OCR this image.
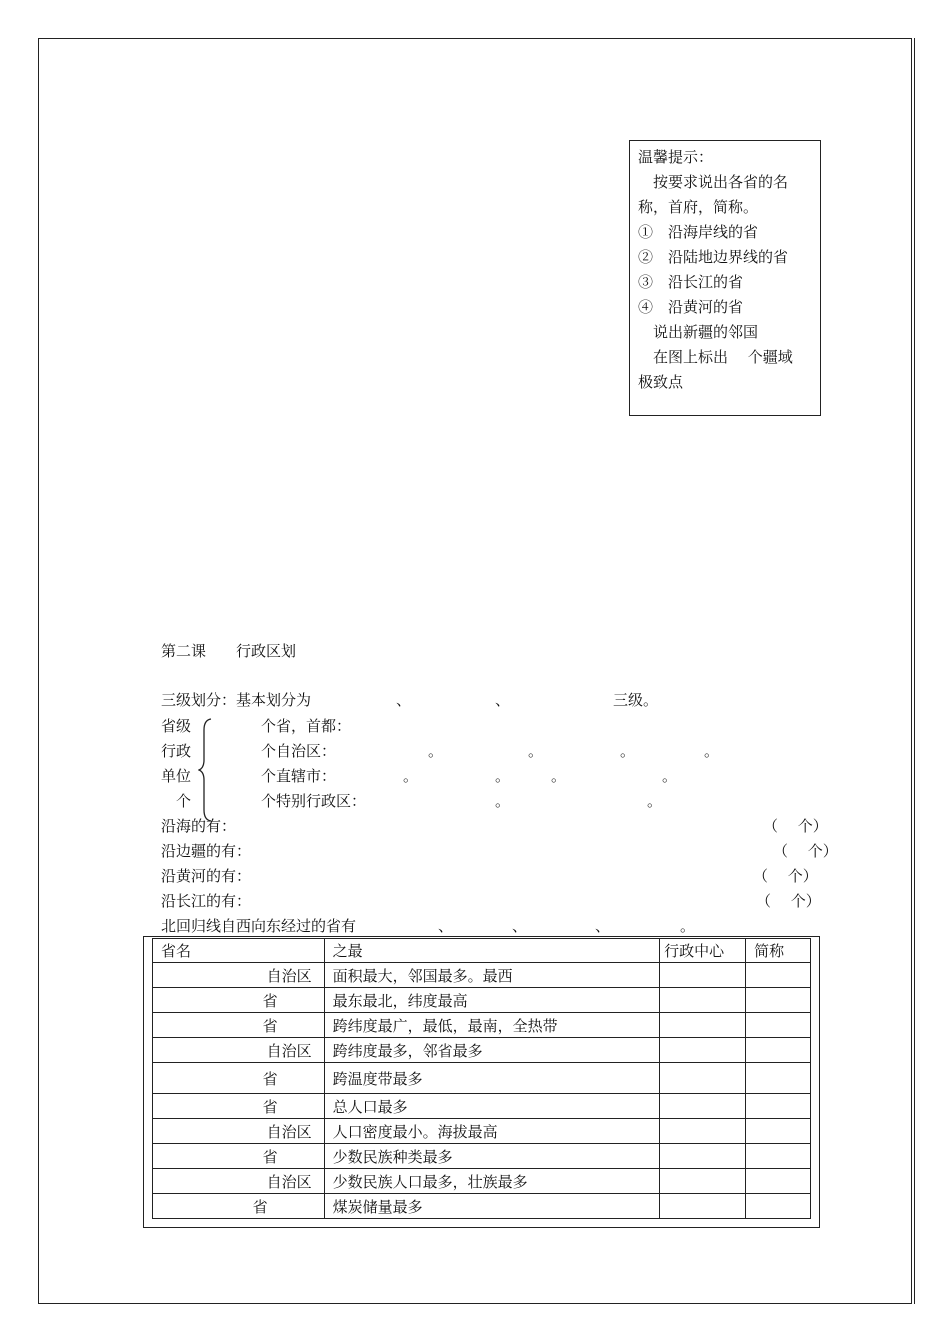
温馨提示：
　按要求说出各省的名
称，首府，简称。
①　沿海岸线的省
②　沿陆地边界线的省
③　沿长江的省
④　沿黄河的省
　说出新疆的邻国
　在图上标出　 个疆域
极致点
第二课　　行政区划
三级划分：基本划分为	、	、	三级。
省级
行政
单位
　个
个省，首都：
个自治区：
个直辖市：
个特别行政区：
。	。	。	。
。	。	。	。
。	。
沿海的有：	（　 个）
沿边疆的有：	（　 个）
沿黄河的有：	（　 个）
沿长江的有：	（　 个）
北回归线自西向东经过的省有	、	、	、	。
省名	之最	行政中心	简称
自治区	面积最大，邻国最多。最西		
省	最东最北，纬度最高		
省	跨纬度最广，最低，最南，全热带		
自治区	跨纬度最多，邻省最多		
省	跨温度带最多		
省	总人口最多		
自治区	人口密度最小。海拔最高		
省	少数民族种类最多		
自治区	少数民族人口最多，壮族最多		
省	煤炭储量最多		
